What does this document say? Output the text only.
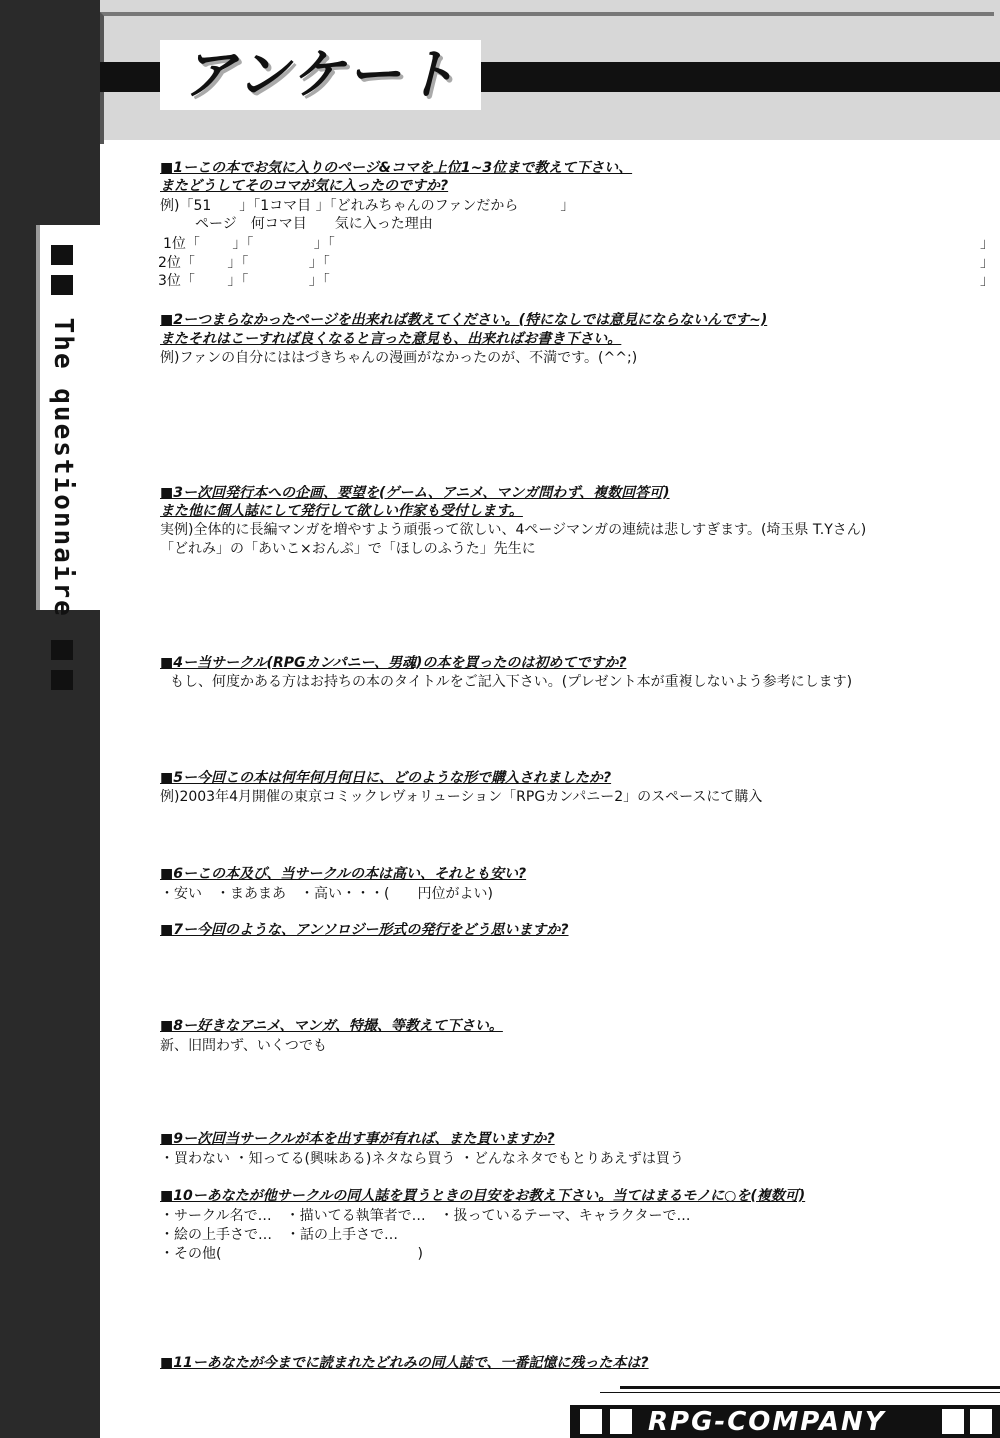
The questionnaire
アンケート
■1ーこの本でお気に入りのページ&コマを上位1~3位まで教えて下さい、
またどうしてそのコマが気に入ったのですか?
例)「51　　」「1コマ目 」「どれみちゃんのファンだから　　　」
ページ　何コマ目　　気に入った理由
1位「　　 」「　　　　 」「	」
2位「　　 」「　　　　 」「	」
3位「　　 」「　　　　 」「	」
■2ーつまらなかったページを出来れば教えてください。(特になしでは意見にならないんです~)
またそれはこーすれば良くなると言った意見も、出来ればお書き下さい。
例)ファンの自分にははづきちゃんの漫画がなかったのが、不満です。(^^;)
■3ー次回発行本への企画、要望を(ゲーム、アニメ、マンガ問わず、複数回答可)
また他に個人誌にして発行して欲しい作家も受付します。
実例)全体的に長編マンガを増やすよう頑張って欲しい、4ページマンガの連続は悲しすぎます。(埼玉県 T.Yさん)
「どれみ」の「あいこ×おんぷ」で「ほしのふうた」先生に
■4ー当サークル(RPGカンパニー、男魂)の本を買ったのは初めてですか?
もし、何度かある方はお持ちの本のタイトルをご記入下さい。(プレゼント本が重複しないよう参考にします)
■5ー今回この本は何年何月何日に、どのような形で購入されましたか?
例)2003年4月開催の東京コミックレヴォリューション「RPGカンパニー2」のスペースにて購入
■6ーこの本及び、当サークルの本は高い、それとも安い?
・安い　・まあまあ　・高い・・・(　　円位がよい)
■7ー今回のような、アンソロジー形式の発行をどう思いますか?
■8ー好きなアニメ、マンガ、特撮、等教えて下さい。
新、旧問わず、いくつでも
■9ー次回当サークルが本を出す事が有れば、また買いますか?
・買わない ・知ってる(興味ある)ネタなら買う ・どんなネタでもとりあえずは買う
■10ーあなたが他サークルの同人誌を買うときの目安をお教え下さい。当てはまるモノに○を(複数可)
・サークル名で…　・描いてる執筆者で…　・扱っているテーマ、キャラクターで…
・絵の上手さで…　・話の上手さで…
・その他(　　　　　　　　　　　　　　)
■11ーあなたが今までに読まれたどれみの同人誌で、一番記憶に残った本は?
RPG-COMPANY
